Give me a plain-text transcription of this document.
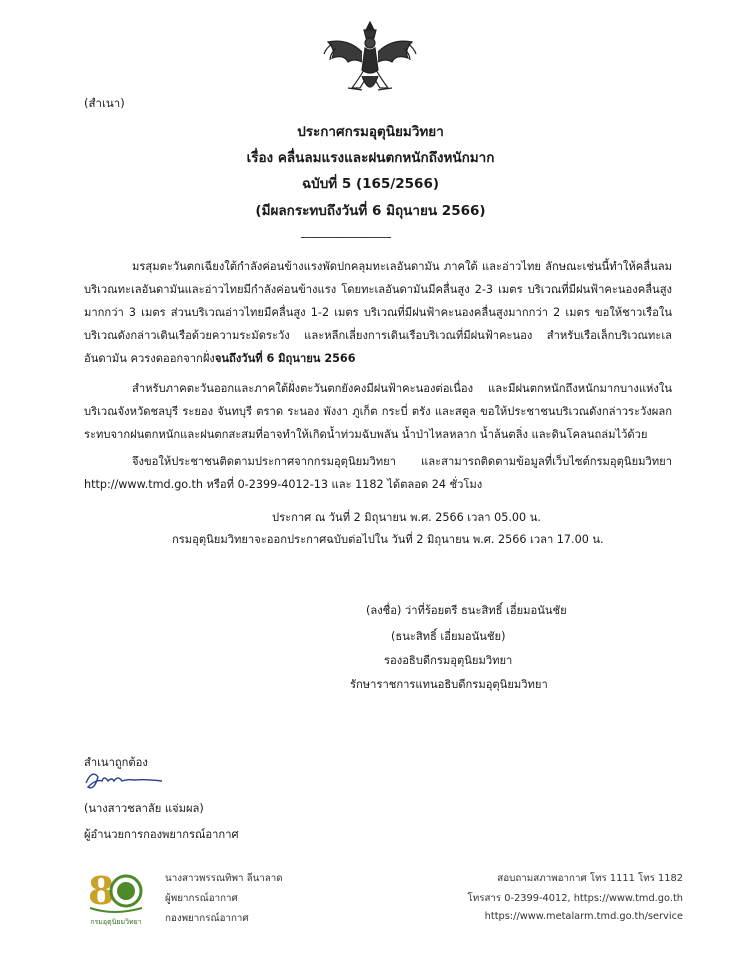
(สำเนา)
ประกาศกรมอุตุนิยมวิทยา
เรื่อง คลื่นลมแรงและฝนตกหนักถึงหนักมาก
ฉบับที่ 5 (165/2566)
(มีผลกระทบถึงวันที่ 6 มิถุนายน 2566)
_______________
มรสุมตะวันตกเฉียงใต้กำลังค่อนข้างแรงพัดปกคลุมทะเลอันดามัน ภาคใต้ และอ่าวไทย ลักษณะเช่นนี้ทำให้คลื่นลมบริเวณทะเลอันดามันและอ่าวไทยมีกำลังค่อนข้างแรง โดยทะเลอันดามันมีคลื่นสูง 2-3 เมตร บริเวณที่มีฝนฟ้าคะนองคลื่นสูงมากกว่า 3 เมตร ส่วนบริเวณอ่าวไทยมีคลื่นสูง 1-2 เมตร บริเวณที่มีฝนฟ้าคะนองคลื่นสูงมากกว่า 2 เมตร ขอให้ชาวเรือในบริเวณดังกล่าวเดินเรือด้วยความระมัดระวัง และหลีกเลี่ยงการเดินเรือบริเวณที่มีฝนฟ้าคะนอง สำหรับเรือเล็กบริเวณทะเลอันดามัน ควรงดออกจากฝั่งจนถึงวันที่ 6 มิถุนายน 2566
สำหรับภาคตะวันออกและภาคใต้ฝั่งตะวันตกยังคงมีฝนฟ้าคะนองต่อเนื่อง และมีฝนตกหนักถึงหนักมากบางแห่งในบริเวณจังหวัดชลบุรี ระยอง จันทบุรี ตราด ระนอง พังงา ภูเก็ต กระบี่ ตรัง และสตูล ขอให้ประชาชนบริเวณดังกล่าวระวังผลกระทบจากฝนตกหนักและฝนตกสะสมที่อาจทำให้เกิดน้ำท่วมฉับพลัน น้ำป่าไหลหลาก น้ำล้นตลิ่ง และดินโคลนถล่มไว้ด้วย
จึงขอให้ประชาชนติดตามประกาศจากกรมอุตุนิยมวิทยา และสามารถติดตามข้อมูลที่เว็บไซต์กรมอุตุนิยมวิทยา http://www.tmd.go.th หรือที่ 0-2399-4012-13 และ 1182 ได้ตลอด 24 ชั่วโมง
ประกาศ ณ วันที่ 2 มิถุนายน พ.ศ. 2566 เวลา 05.00 น.
กรมอุตุนิยมวิทยาจะออกประกาศฉบับต่อไปใน วันที่ 2 มิถุนายน พ.ศ. 2566 เวลา 17.00 น.
(ลงชื่อ) ว่าที่ร้อยตรี ธนะสิทธิ์ เอี่ยมอนันชัย
(ธนะสิทธิ์ เอี่ยมอนันชัย)
รองอธิบดีกรมอุตุนิยมวิทยา
รักษาราชการแทนอธิบดีกรมอุตุนิยมวิทยา
สำเนาถูกต้อง
(นางสาวชลาลัย แจ่มผล)
ผู้อำนวยการกองพยากรณ์อากาศ
8
กรมอุตุนิยมวิทยา
นางสาวพรรณทิพา ลีนาลาด
ผู้พยากรณ์อากาศ
กองพยากรณ์อากาศ
สอบถามสภาพอากาศ โทร 1111 โทร 1182
โทรสาร 0-2399-4012, https://www.tmd.go.th
https://www.metalarm.tmd.go.th/service
